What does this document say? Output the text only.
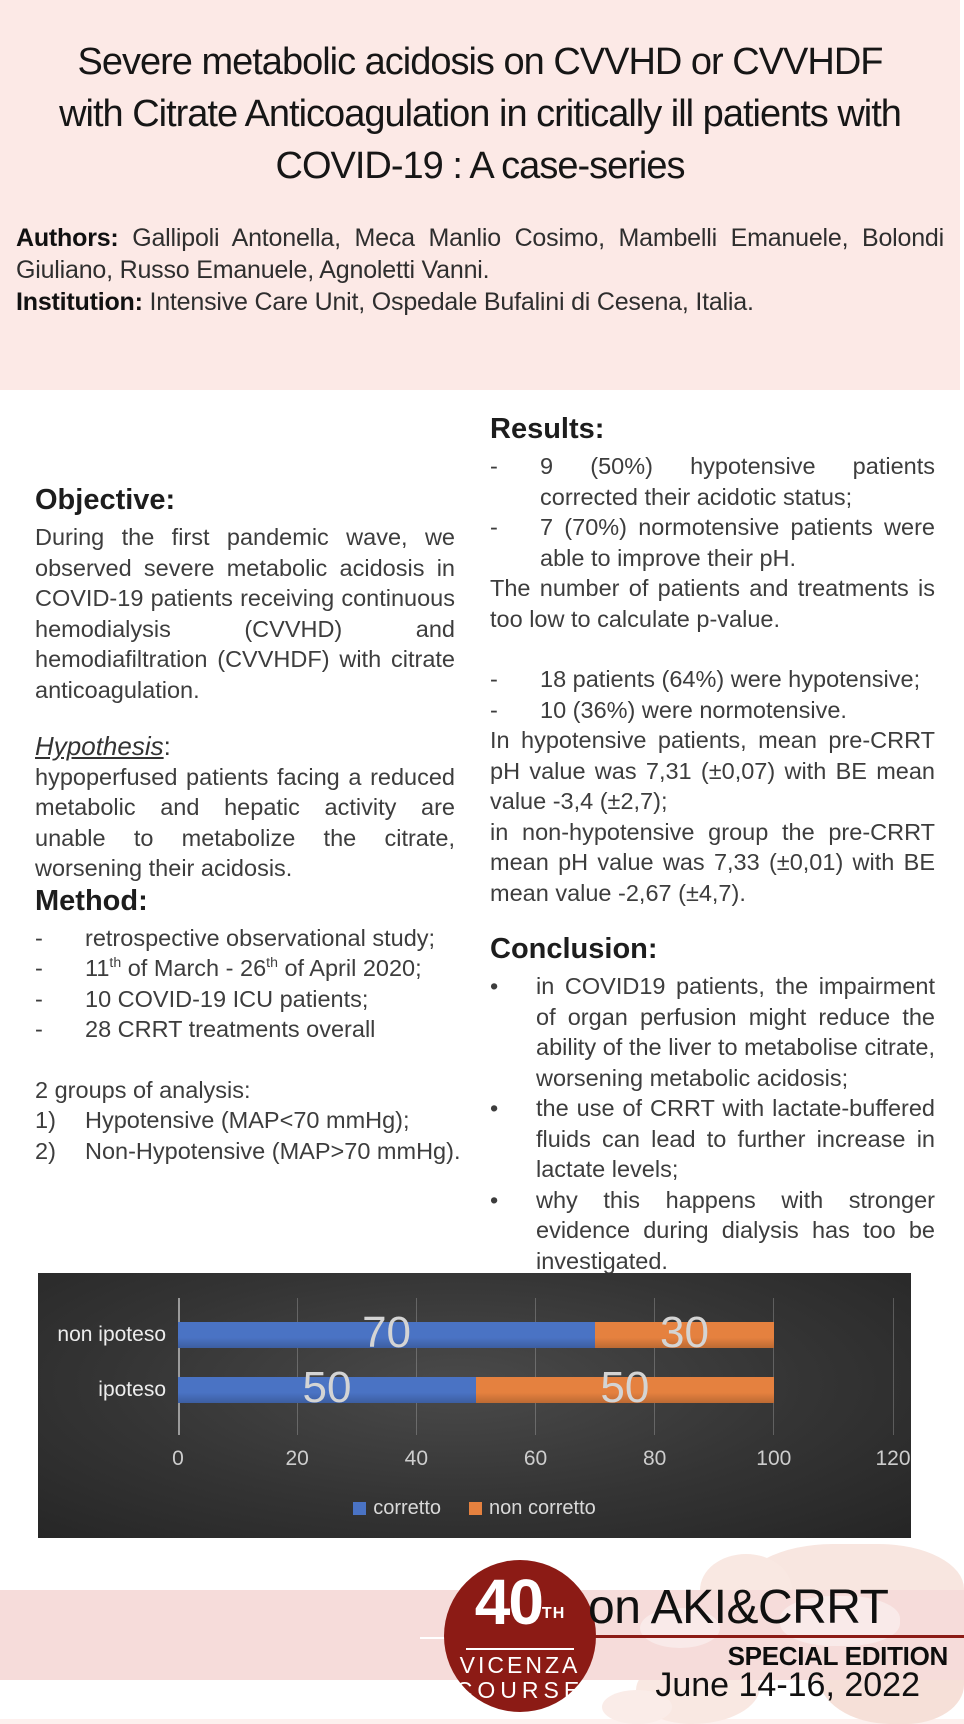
Severe metabolic acidosis on CVVHD or CVVHDF with Citrate Anticoagulation in critically ill patients with COVID-19 : A case-series

Authors: Gallipoli Antonella, Meca Manlio Cosimo, Mambelli Emanuele, Bolondi Giuliano, Russo Emanuele, Agnoletti Vanni.
Institution: Intensive Care Unit, Ospedale Bufalini di Cesena, Italia.

Objective:

During the first pandemic wave, we observed severe metabolic acidosis in COVID-19 patients receiving continuous hemodialysis (CVVHD) and hemodiafiltration (CVVHDF) with citrate anticoagulation.

Hypothesis:

hypoperfused patients facing a reduced metabolic and hepatic activity are unable to metabolize the citrate, worsening their acidosis.

Method:
-	retrospective observational study;
-	11th of March - 26th of April 2020;
-	10 COVID-19 ICU patients;
-	28 CRRT treatments overall

2 groups of analysis:

1)	Hypotensive (MAP<70 mmHg);
2)	Non-Hypotensive (MAP>70 mmHg).
Results:
-	9 (50%) hypotensive patients corrected their acidotic status;
-	7 (70%) normotensive patients were able to improve their pH.

The number of patients and treatments is too low to calculate p-value.

-	18 patients (64%) were hypotensive;
-	10 (36%) were normotensive.

In hypotensive patients, mean pre-CRRT pH value was 7,31 (±0,07) with BE mean value -3,4 (±2,7);

in non-hypotensive group the pre-CRRT mean pH value was 7,33 (±0,01) with BE mean value -2,67 (±4,7).

Conclusion:
•	in COVID19 patients, the impairment of organ perfusion might reduce the ability of the liver to metabolise citrate, worsening metabolic acidosis;
•	the use of CRRT with lactate-buffered fluids can lead to further increase in lactate levels;
•	why this happens with stronger evidence during dialysis has too be investigated.
70	30
50	50
corretto non corretto
0	20	40	60	80	100	120
non ipoteso
ipoteso
40TH
VICENZA
COURSE
on AKI&CRRT
SPECIAL EDITION
June 14-16, 2022
